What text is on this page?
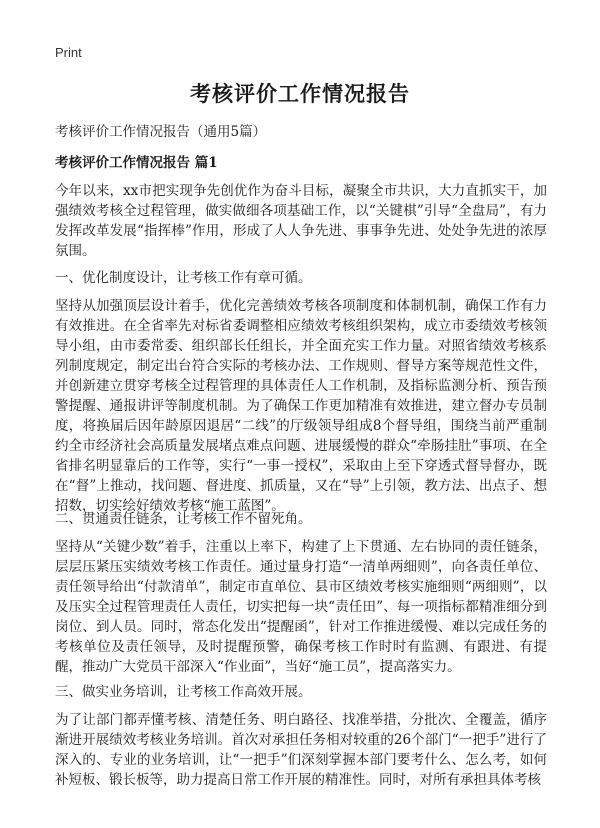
Print
考核评价工作情况报告

考核评价工作情况报告（通用5篇）

考核评价工作情况报告 篇1

今年以来，xx市把实现争先创优作为奋斗目标，凝聚全市共识，大力直抓实干，加强绩效考核全过程管理，做实做细各项基础工作，以“关键棋”引导“全盘局”，有力发挥改革发展“指挥棒”作用，形成了人人争先进、事事争先进、处处争先进的浓厚氛围。

一、优化制度设计，让考核工作有章可循。

坚持从加强顶层设计着手，优化完善绩效考核各项制度和体制机制，确保工作有力有效推进。在全省率先对标省委调整相应绩效考核组织架构，成立市委绩效考核领导小组，由市委常委、组织部长任组长，并全面充实工作力量。对照省绩效考核系列制度规定，制定出台符合实际的考核办法、工作规则、督导方案等规范性文件，并创新建立贯穿考核全过程管理的具体责任人工作机制，及指标监测分析、预告预警提醒、通报讲评等制度机制。为了确保工作更加精准有效推进，建立督办专员制度，将换届后因年龄原因退居“二线”的厅级领导组成8个督导组，围绕当前严重制约全市经济社会高质量发展堵点难点问题、进展缓慢的群众“牵肠挂肚”事项、在全省排名明显靠后的工作等，实行“一事一授权”，采取由上至下穿透式督导督办，既在“督”上推动，找问题、督进度、抓质量，又在“导”上引领，教方法、出点子、想招数，切实绘好绩效考核“施工蓝图”。

二、贯通责任链条，让考核工作不留死角。

坚持从“关键少数”着手，注重以上率下，构建了上下贯通、左右协同的责任链条，层层压紧压实绩效考核工作责任。通过量身打造“一清单两细则”，向各责任单位、责任领导给出“付款清单”，制定市直单位、县市区绩效考核实施细则“两细则”，以及压实全过程管理责任人责任，切实把每一块“责任田”、每一项指标都精准细分到岗位、到人员。同时，常态化发出“提醒函”，针对工作推进缓慢、难以完成任务的考核单位及责任领导，及时提醒预警，确保考核工作时时有监测、有跟进、有提醒，推动广大党员干部深入“作业面”，当好“施工员”，提高落实力。

三、做实业务培训，让考核工作高效开展。

为了让部门都弄懂考核、清楚任务、明白路径、找准举措，分批次、全覆盖，循序渐进开展绩效考核业务培训。首次对承担任务相对较重的26个部门“一把手”进行了深入的、专业的业务培训，让“一把手”们深刻掌握本部门要考什么、怎么考，如何补短板、锻长板等，助力提高日常工作开展的精准性。同时，对所有承担具体考核
